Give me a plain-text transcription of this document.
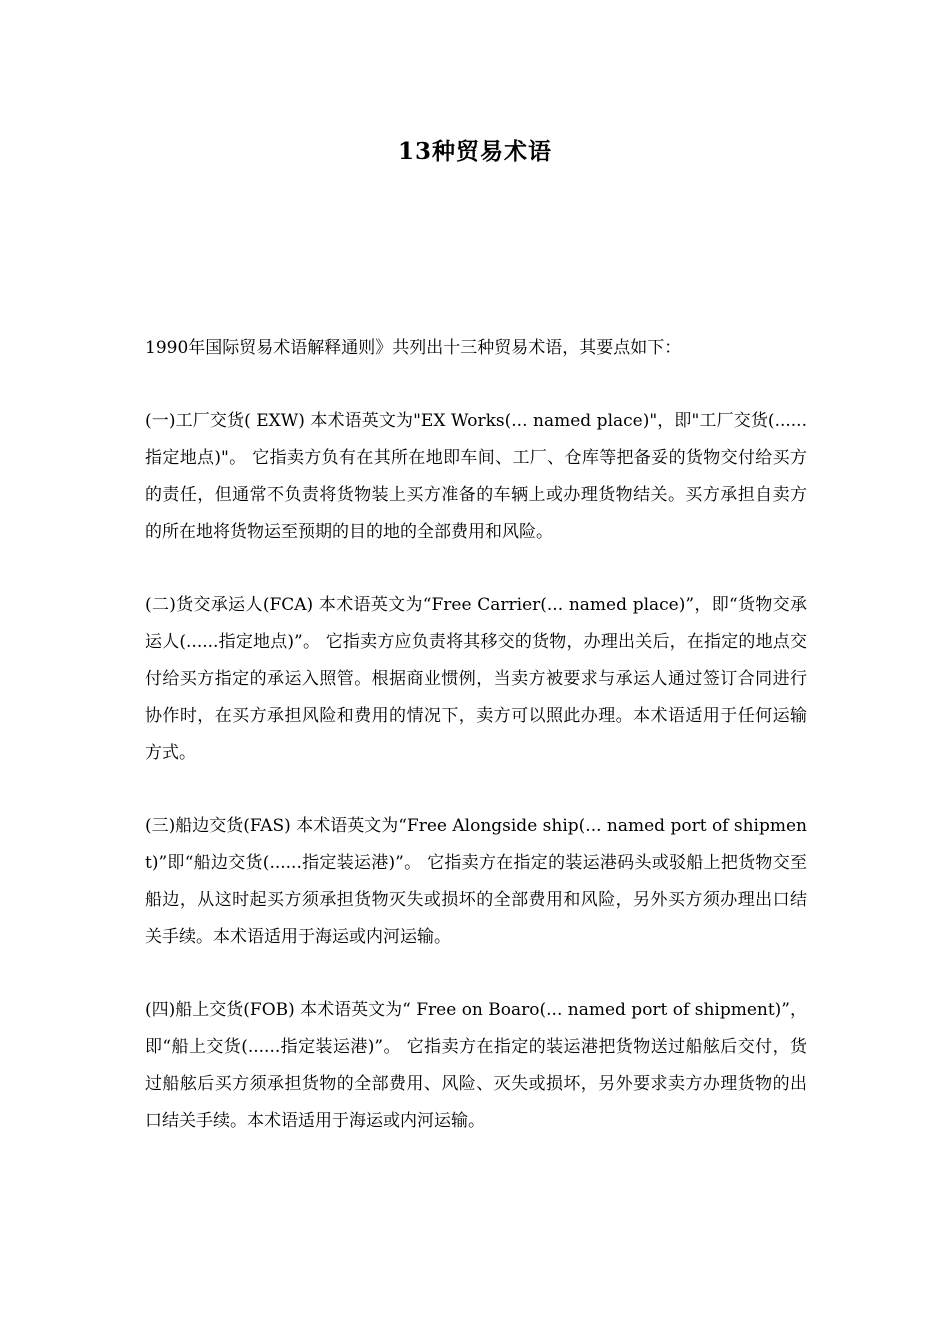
13种贸易术语

1990年国际贸易术语解释通则》共列出十三种贸易术语，其要点如下：

(一)工厂交货( EXW) 本术语英文为"EX Works(... named place)"，即"工厂交货(......指定地点)"。 它指卖方负有在其所在地即车间、工厂、仓库等把备妥的货物交付给买方的责任，但通常不负责将货物装上买方准备的车辆上或办理货物结关。买方承担自卖方的所在地将货物运至预期的目的地的全部费用和风险。

(二)货交承运人(FCA) 本术语英文为“Free Carrier(... named place)”，即“货物交承运人(......指定地点)”。 它指卖方应负责将其移交的货物，办理出关后，在指定的地点交付给买方指定的承运入照管。根据商业惯例，当卖方被要求与承运人通过签订合同进行协作时，在买方承担风险和费用的情况下，卖方可以照此办理。本术语适用于任何运输方式。

(三)船边交货(FAS) 本术语英文为“Free Alongside ship(... named port of shipment)”即“船边交货(......指定装运港)”。 它指卖方在指定的装运港码头或驳船上把货物交至船边，从这时起买方须承担货物灭失或损坏的全部费用和风险，另外买方须办理出口结关手续。本术语适用于海运或内河运输。

(四)船上交货(FOB) 本术语英文为“ Free on Boaro(... named port of shipment)”，即“船上交货(......指定装运港)”。 它指卖方在指定的装运港把货物送过船舷后交付，货过船舷后买方须承担货物的全部费用、风险、灭失或损坏，另外要求卖方办理货物的出口结关手续。本术语适用于海运或内河运输。
